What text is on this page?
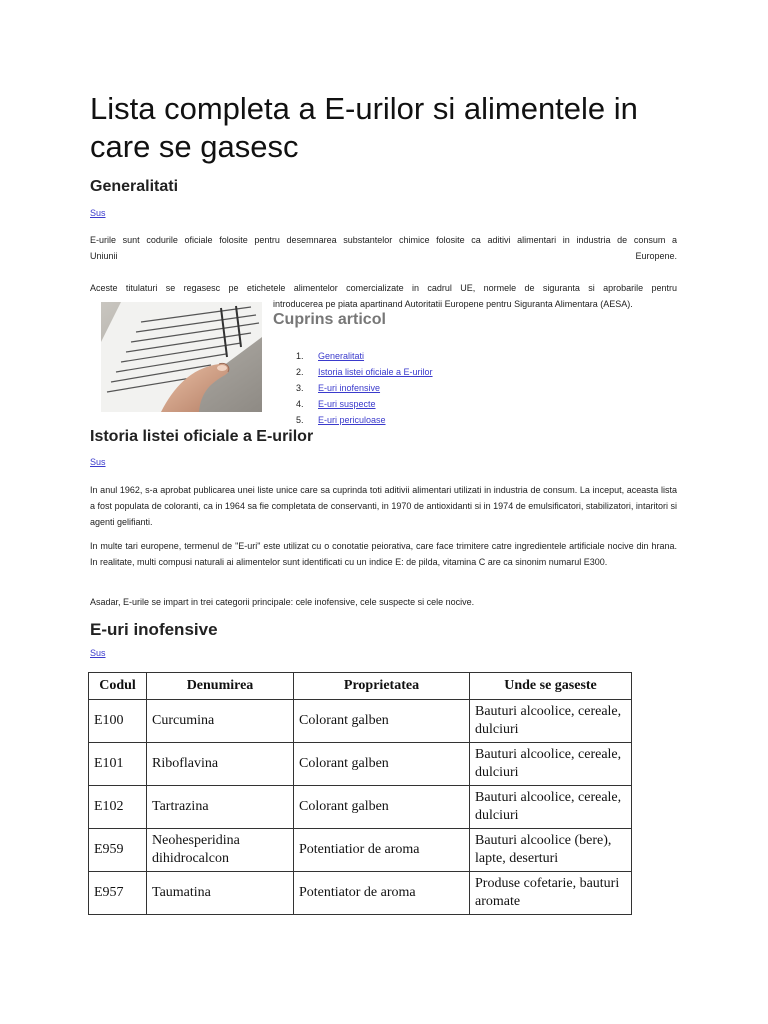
Lista completa a E-urilor si alimentele in care se gasesc
Generalitati
Sus

E-urile sunt codurile oficiale folosite pentru desemnarea substantelor chimice folosite ca aditivi alimentari in industria de consum a

Uniunii	Europene.

Aceste titulaturi se regasesc pe etichetele alimentelor comercializate in cadrul UE, normele de siguranta si aprobarile pentru

introducerea pe piata apartinand Autoritatii Europene pentru Siguranta Alimentara (AESA).
Cuprins articol
1.	Generalitati
2.	Istoria listei oficiale a E-urilor
3.	E-uri inofensive
4.	E-uri suspecte
5.	E-uri periculoase
Istoria listei oficiale a E-urilor
Sus

In anul 1962, s-a aprobat publicarea unei liste unice care sa cuprinda toti aditivii alimentari utilizati in industria de consum. La inceput, aceasta lista a fost populata de coloranti, ca in 1964 sa fie completata de conservanti, in 1970 de antioxidanti si in 1974 de emulsificatori, stabilizatori, intaritori si agenti gelifianti.

In multe tari europene, termenul de "E-uri" este utilizat cu o conotatie peiorativa, care face trimitere catre ingredientele artificiale nocive din hrana. In realitate, multi compusi naturali ai alimentelor sunt identificati cu un indice E: de pilda, vitamina C are ca sinonim numarul E300.

Asadar, E-urile se impart in trei categorii principale: cele inofensive, cele suspecte si cele nocive.

E-uri inofensive
Sus
Codul	Denumirea	Proprietatea	Unde se gaseste
E100	Curcumina	Colorant galben	Bauturi alcoolice, cereale, dulciuri
E101	Riboflavina	Colorant galben	Bauturi alcoolice, cereale, dulciuri
E102	Tartrazina	Colorant galben	Bauturi alcoolice, cereale, dulciuri
E959	Neohesperidina dihidrocalcon	Potentiatior de aroma	Bauturi alcoolice (bere), lapte, deserturi
E957	Taumatina	Potentiator de aroma	Produse cofetarie, bauturi aromate
